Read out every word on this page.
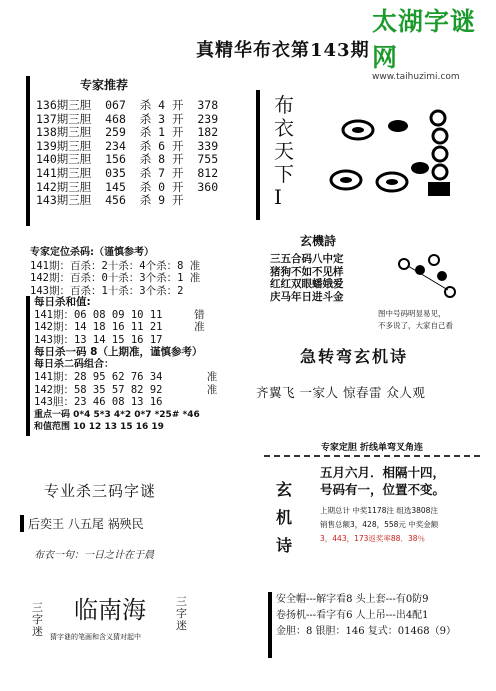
太湖字谜网
www.taihuzimi.com
真精华布衣第143期
专家推荐
136期三胆  067  杀 4 开  378
137期三胆  468  杀 3 开  239
138期三胆  259  杀 1 开  182
139期三胆  234  杀 6 开  339
140期三胆  156  杀 8 开  755
141期三胆  035  杀 7 开  812
142期三胆  145  杀 0 开  360
143期三胆  456  杀 9 开
布
衣
天
下
I
专家定位杀码:（谨慎参考）
141期：百杀：2十杀：4个杀：8 准
142期：百杀：0十杀：3个杀：1 准
143期：百杀：1十杀：3个杀：2
每日杀和值:
141期：06 08 09 10 11     错
142期：14 18 16 11 21     准
143期：13 14 15 16 17
每日杀一码 8（上期准，谨慎参考）
每日杀二码组合：
141期：28 95 62 76 34       准
142期：58 35 57 82 92       准
143胆：23 46 08 13 16
重点一码 0*4 5*3 4*2 0*7 *25# *46
和值范围 10 12 13 15 16 19
玄機詩
三五合码八中定
猪狗不如不见样
红红双眼蟠娥爱
庆马年日进斗金
图中号码明显易见，
不多说了，大家自己看
急转弯玄机诗
齐翼飞 一家人 惊春雷 众人观
专家定胆 折线单弯叉角连
玄
机
诗
五月六月．相隔十四，
号码有一，位置不变。
上期总计 中奖1178注 组选3808注
销售总额3，428，558元 中奖金额
3，443，173返奖率88．38％
专业杀三码字谜
后奕王 八五尾 祸殃民
布衣一句：一日之计在于晨
三字迷
临南海	三字迷
猜字谜的笔画和含义猜对起中
安全帽---解字看8 头上套---有0防9
卷扬机---看字有6 人上吊---出4配1
金胆：8 银胆：146 复式：01468（9）
